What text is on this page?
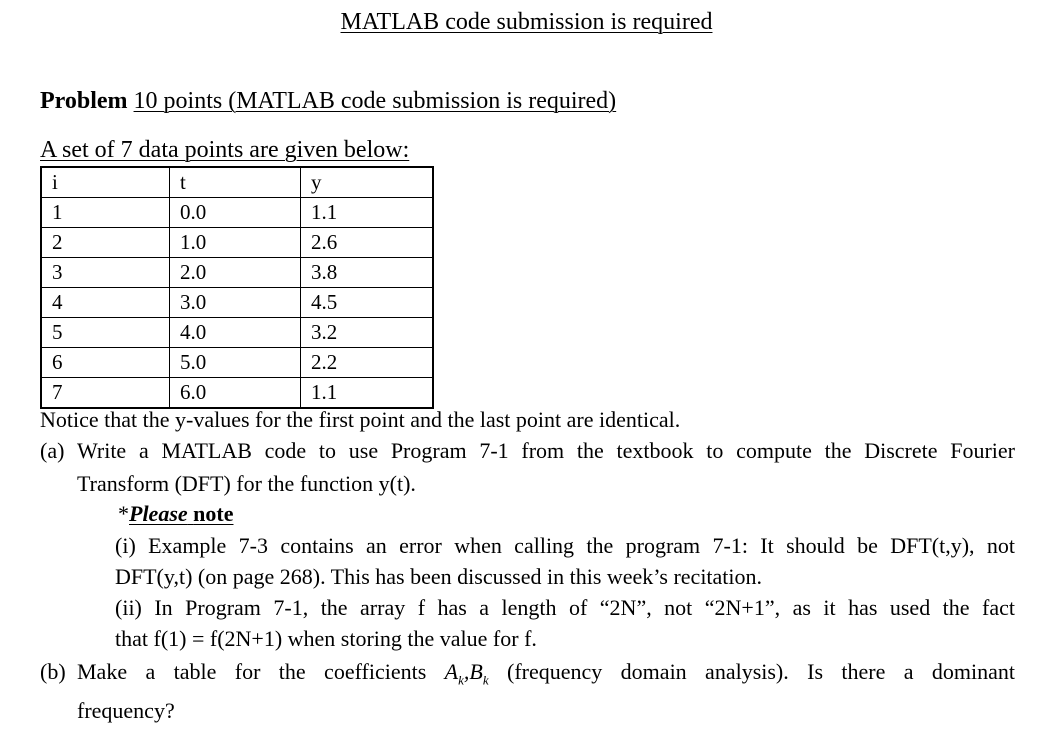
MATLAB code submission is required
Problem 10 points (MATLAB code submission is required)
A set of 7 data points are given below:
i	t	y
1	0.0	1.1
2	1.0	2.6
3	2.0	3.8
4	3.0	4.5
5	4.0	3.2
6	5.0	2.2
7	6.0	1.1
Notice that the y-values for the first point and the last point are identical.
(a) Write a MATLAB code to use Program 7-1 from the textbook to compute the Discrete Fourier
Transform (DFT) for the function y(t).
*Please note
(i) Example 7-3 contains an error when calling the program 7-1: It should be DFT(t,y), not
DFT(y,t) (on page 268). This has been discussed in this week’s recitation.
(ii) In Program 7-1, the array f has a length of “2N”, not “2N+1”, as it has used the fact
that f(1) = f(2N+1) when storing the value for f.
(b) Make a table for the coefficients $A_k,B_k$ (frequency domain analysis). Is there a dominant
frequency?
